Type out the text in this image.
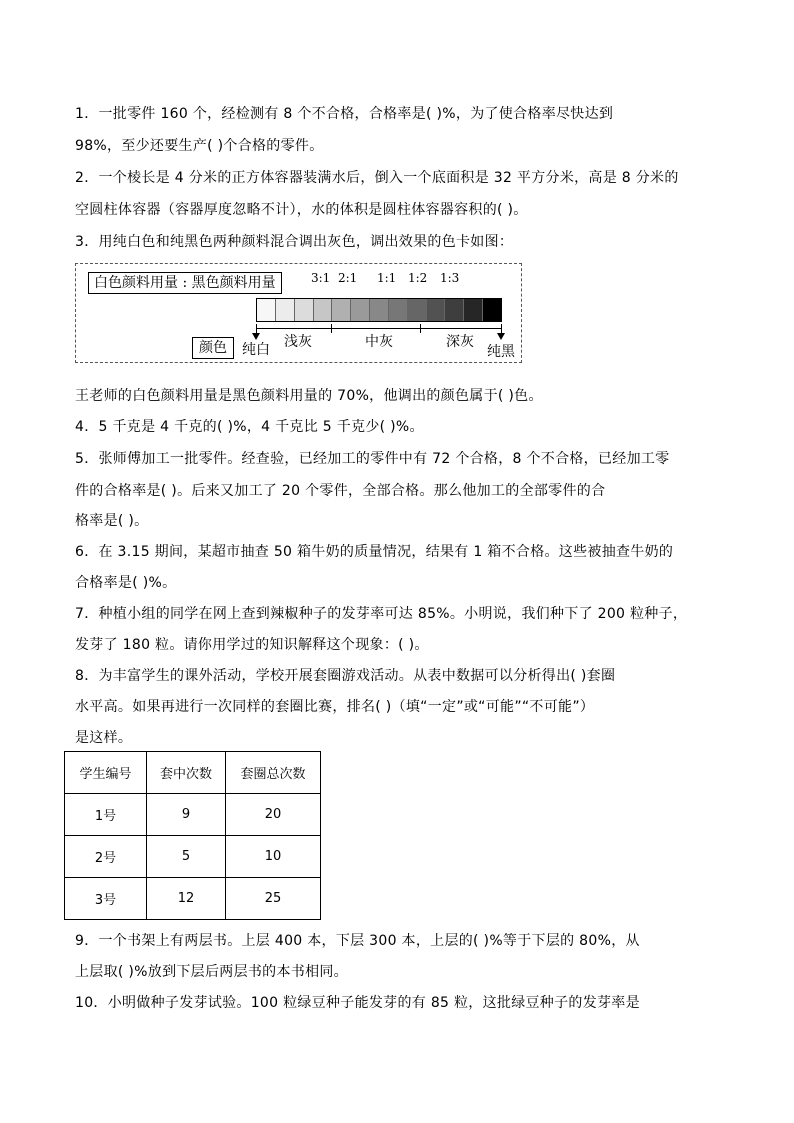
1．一批零件 160 个，经检测有 8 个不合格，合格率是( )%，为了使合格率尽快达到
98%，至少还要生产( )个合格的零件。
2．一个棱长是 4 分米的正方体容器装满水后，倒入一个底面积是 32 平方分米，高是 8 分米的
空圆柱体容器（容器厚度忽略不计），水的体积是圆柱体容器容积的( )。
3．用纯白色和纯黑色两种颜料混合调出灰色，调出效果的色卡如图：
白色颜料用量 : 黑色颜料用量	3:1 2:1 1:1 1:2 1:3
颜色	纯白 浅灰	中灰	深灰
纯黑
王老师的白色颜料用量是黑色颜料用量的 70%，他调出的颜色属于( )色。
4．5 千克是 4 千克的( )%，4 千克比 5 千克少( )%。
5．张师傅加工一批零件。经查验，已经加工的零件中有 72 个合格，8 个不合格，已经加工零
件的合格率是( )。后来又加工了 20 个零件，全部合格。那么他加工的全部零件的合
格率是( )。
6．在 3.15 期间，某超市抽查 50 箱牛奶的质量情况，结果有 1 箱不合格。这些被抽查牛奶的
合格率是( )%。
7．种植小组的同学在网上查到辣椒种子的发芽率可达 85%。小明说，我们种下了 200 粒种子，
发芽了 180 粒。请你用学过的知识解释这个现象：( )。
8．为丰富学生的课外活动，学校开展套圈游戏活动。从表中数据可以分析得出( )套圈
水平高。如果再进行一次同样的套圈比赛，排名( )（填“一定”或“可能”“不可能”）
是这样。
学生编号	套中次数	套圈总次数
1号	9	20
2号	5	10
3号	12	25
9．一个书架上有两层书。上层 400 本，下层 300 本，上层的( )%等于下层的 80%，从
上层取( )%放到下层后两层书的本书相同。
10．小明做种子发芽试验。100 粒绿豆种子能发芽的有 85 粒，这批绿豆种子的发芽率是
